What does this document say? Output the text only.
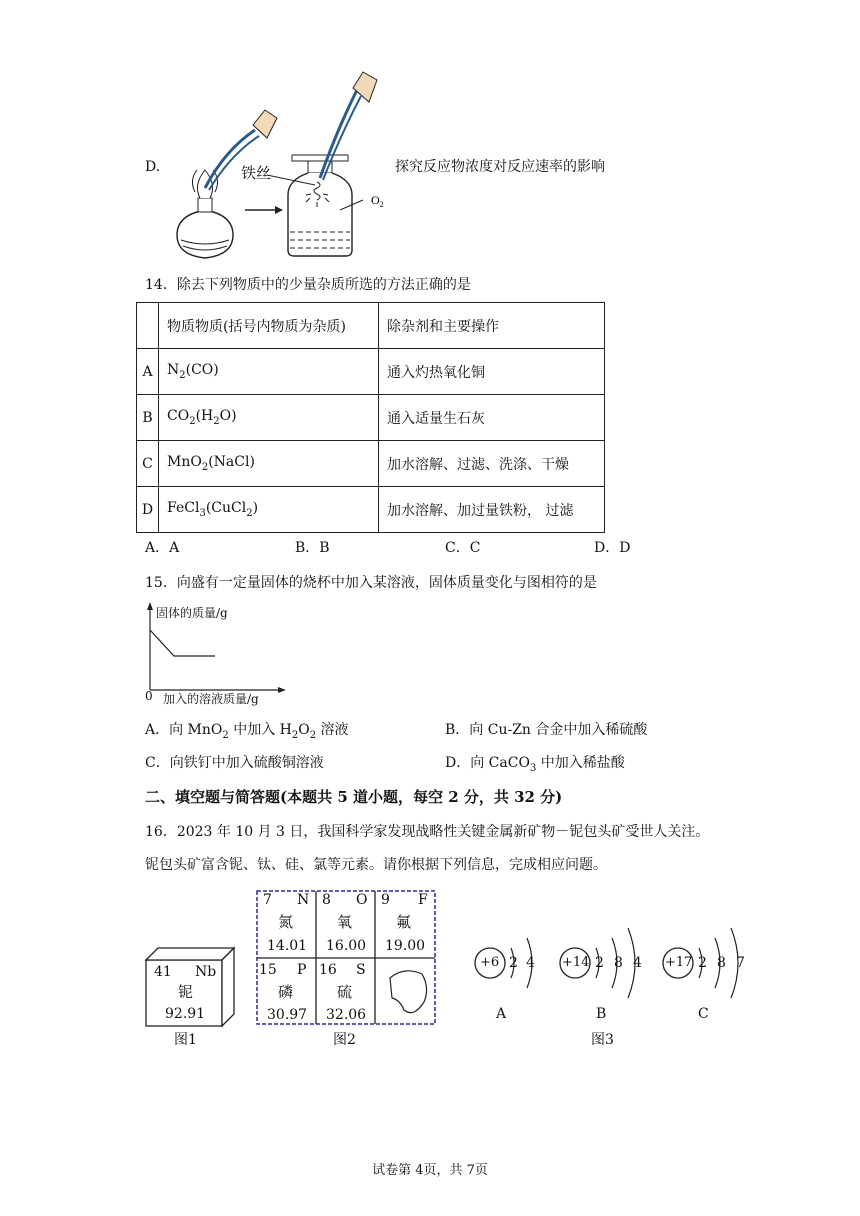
D.
$O_2$
铁丝	探究反应物浓度对反应速率的影响
14．除去下列物质中的少量杂质所选的方法正确的是
	物质物质(括号内物质为杂质)	除杂剂和主要操作
A	$N_2(CO)$	通入灼热氧化铜
B	$CO_2(H_2O)$	通入适量生石灰
C	MnO$_2$(NaCl)	加水溶解、过滤、洗涤、干燥
D	FeCl$_3$(CuCl$_2$)	加水溶解、加过量铁粉， 过滤
A．A	B．B	C．C	D．D
15．向盛有一定量固体的烧杯中加入某溶液，固体质量变化与图相符的是
固体的质量/g
0 加入的溶液质量/g
A．向 MnO$_2$ 中加入 $H_2O_2$ 溶液	B．向 Cu-Zn 合金中加入稀硫酸
C．向铁钉中加入硫酸铜溶液	D．向 CaCO$_3$ 中加入稀盐酸
二、填空题与简答题(本题共 5 道小题，每空 2 分，共 32 分)
16．2023 年 10 月 3 日，我国科学家发现战略性关键金属新矿物－铌包头矿受世人关注。
铌包头矿富含铌、钛、硅、氯等元素。请你根据下列信息，完成相应问题。
41 Nb
铌
92.91
图1
7 N
氮
14.01
8 O
氧
16.00
9 F
氟
19.00
15 P
磷
30.97
16 S
硫
32.06
图2
+6 2 4
A
+14 2 8 4
B
+17 2 8 7
C
图3
试卷第 4页，共 7页
